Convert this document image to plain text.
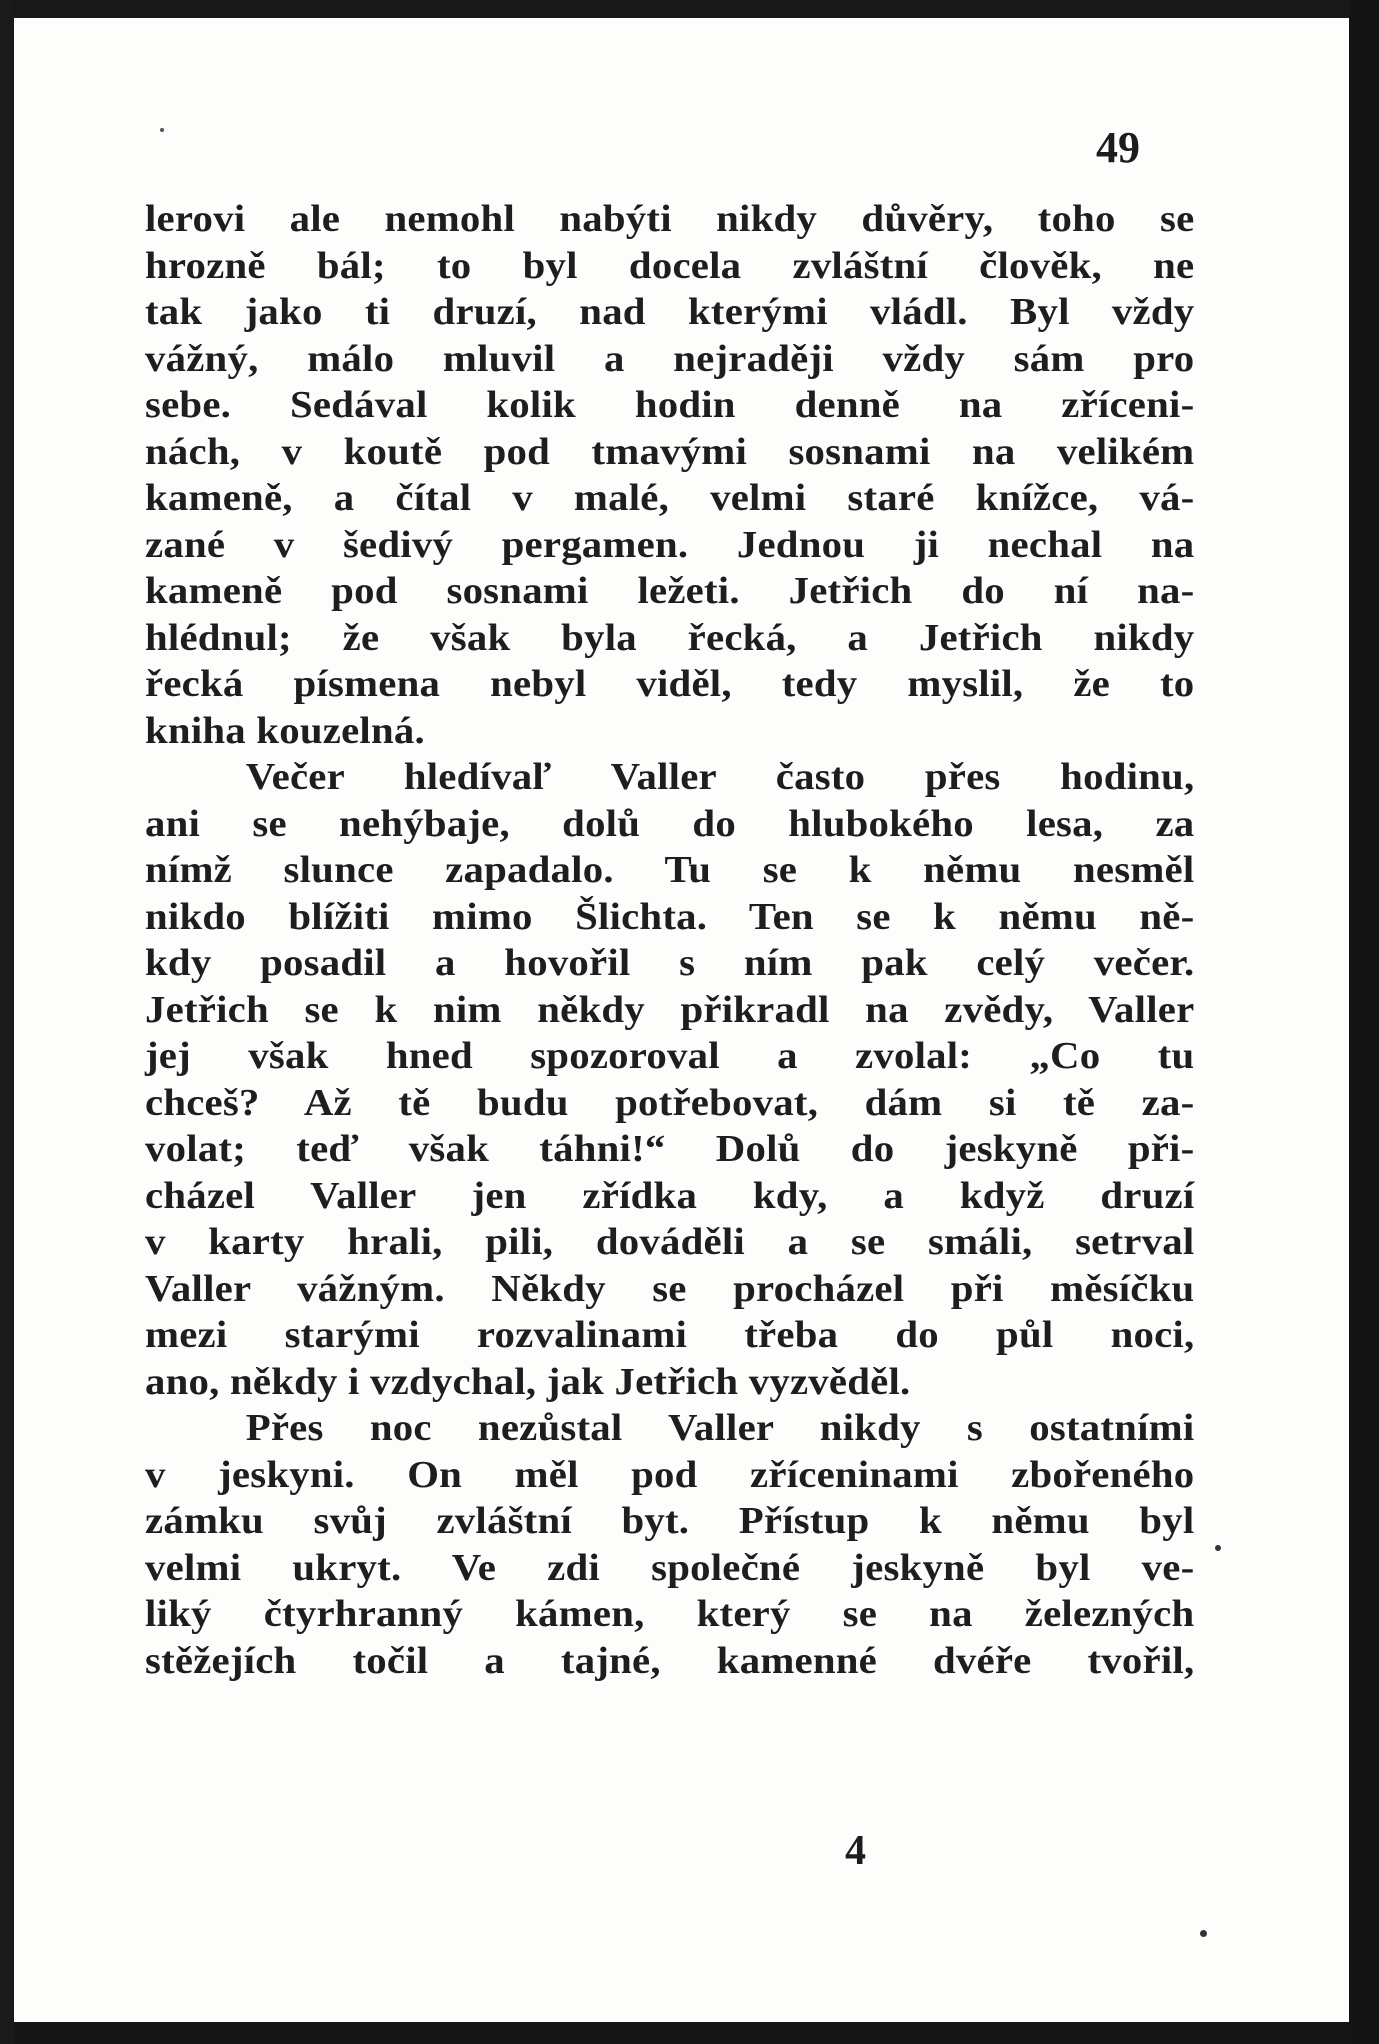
49
lerovi ale nemohl nabýti nikdy důvěry, toho se
hrozně bál; to byl docela zvláštní člověk, ne
tak jako ti druzí, nad kterými vládl. Byl vždy
vážný, málo mluvil a nejraději vždy sám pro
sebe. Sedával kolik hodin denně na zříceni-
nách, v koutě pod tmavými sosnami na velikém
kameně, a čítal v malé, velmi staré knížce, vá-
zané v šedivý pergamen. Jednou ji nechal na
kameně pod sosnami ležeti. Jetřich do ní na-
hlédnul; že však byla řecká, a Jetřich nikdy
řecká písmena nebyl viděl, tedy myslil, že to
kniha kouzelná.
Večer hledívaľ Valler často přes hodinu,
ani se nehýbaje, dolů do hlubokého lesa, za
nímž slunce zapadalo. Tu se k němu nesměl
nikdo blížiti mimo Šlichta. Ten se k němu ně-
kdy posadil a hovořil s ním pak celý večer.
Jetřich se k nim někdy přikradl na zvědy, Valler
jej však hned spozoroval a zvolal: „Co tu
chceš? Až tě budu potřebovat, dám si tě za-
volat; teď však táhni!“ Dolů do jeskyně při-
cházel Valler jen zřídka kdy, a když druzí
v karty hrali, pili, dováděli a se smáli, setrval
Valler vážným. Někdy se procházel při měsíčku
mezi starými rozvalinami třeba do půl noci,
ano, někdy i vzdychal, jak Jetřich vyzvěděl.
Přes noc nezůstal Valler nikdy s ostatními
v jeskyni. On měl pod zříceninami zbořeného
zámku svůj zvláštní byt. Přístup k němu byl
velmi ukryt. Ve zdi společné jeskyně byl ve-
liký čtyrhranný kámen, který se na železných
stěžejích točil a tajné, kamenné dvéře tvořil,
4
